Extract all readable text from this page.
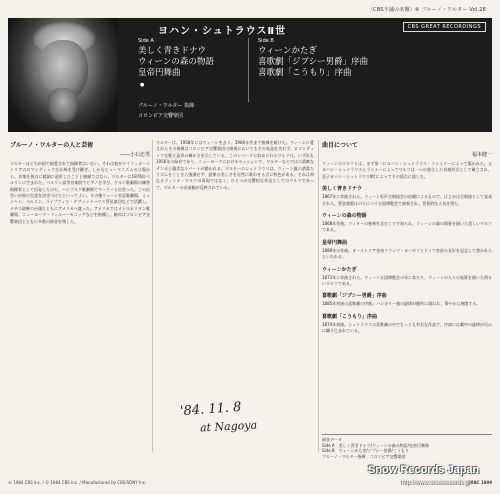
〈CBS不滅の名盤〉⑧ ブルーノ・ワルター Vol.28
ヨハン・シュトラウスⅡ世	CBS GREAT RECORDINGS
Side A
美しく青きドナウ
ウィーンの森の物語
皇帝円舞曲
●
Side B
ウィーンかたぎ
喜歌劇「ジプシー男爵」序曲
喜歌劇「こうもり」序曲
ブルーノ・ワルター 指揮
コロンビア交響楽団
ブルーノ・ワルターの人と芸術
――小石忠男
ワルターほどわが国で親愛されて指揮者はいない。それは彼がドイツ＝オーストリアのロマンティックな伝統を受け継ぎ、しかもヒューマニズムの立場から、音楽を独自に精細に造形したことと無縁ではない。ワルターは1876年ベルリンに生まれた。ベルリン高等音楽院でピアノを学び、ケルン歌劇場の練習指揮者として出発したのち、ハンブルク歌劇場でマーラーと出会った。この出会いが彼の生涯を決定づけたといってよい。その後ウィーン宮廷歌劇場、ミュンヘン、ベルリン、ライプツィヒ・ゲヴァントハウス管弦楽団などで活躍し、ナチス政権の台頭とともにアメリカへ渡った。アメリカではメトロポリタン歌劇場、ニューヨーク・フィルハーモニックなどを指揮し、晩年はコロンビア交響楽団とともに多数の録音を残した。
ワルターは、1958年にはウィーンを去り、1960年代まで指揮を続けた。ウィーンに愛されたその指揮はコロンビア交響楽団の演奏においてもその気品を失わず、ロマンティックな歌と造形の確かさを示している。このレコードに収められたワルツは、いずれも1956年の録音であり、ニューヨークにおけるセッションで、ワルターならではの柔軟なテンポと優美なルバートが聴かれる。ワルターのシュトラウスは、ウィーン風の洒落たリズムをことさら強調せず、旋律の美しさを自然に歌わせる点に特色がある。それは単なるウィンナ・ワルツの再現ではなく、ひとつの交響的な作品としてのワルツであって、ワルターの音楽観が反映されている。
'84. 11. 8
at Nagoya
曲目について
福本健一
ウィーンのワルツとは、まず第一にヨハン・シュトラウス・ファミリーによって築かれた。父ヨハン・シュトラウスとランナーによってワルツは一つの独立した音楽形式として確立され、息子ヨハン・シュトラウスⅡ世によってその頂点に達した。
美しく青きドナウ
1867年に作曲された。ウィーン男声合唱協会の依頼によるもので、はじめは合唱曲として発表された。管弦楽版はのちにパリ万国博覧会で演奏され、世界的な人気を得た。
ウィーンの森の物語
1868年作曲。ツィターの独奏を含むことで知られ、ウィーンの森の情景を描いた美しいワルツである。
皇帝円舞曲
1889年の作曲。オーストリア皇帝フランツ・ヨーゼフとドイツ皇帝の友好を記念して書かれたといわれる。
ウィーンかたぎ
1873年に作曲された。ウィーン万国博覧会の年にあたり、ウィーンの人々の気質を描いた明るいワルツである。
喜歌劇「ジプシー男爵」序曲
1885年初演の喜歌劇の序曲。ハンガリー風の旋律が随所に現われ、華やかに展開する。
喜歌劇「こうもり」序曲
1874年初演。シュトラウスの喜歌劇の中でもっとも有名な作品で、序曲には劇中の旋律が巧みに織り込まれている。
録音データ
Side A　美しく青きドナウ/ウィーンの森の物語/皇帝円舞曲
Side B　ウィーンかたぎ/ジプシー男爵/こうもり
ブルーノ・ワルター指揮　コロンビア交響楽団
℗ 1984 CBS Inc. / © 1984 CBS Inc. / Manufactured by CBS/SONY Inc.	20AC 1999
Snow Records Japan
http://www.snowrecords.jp
